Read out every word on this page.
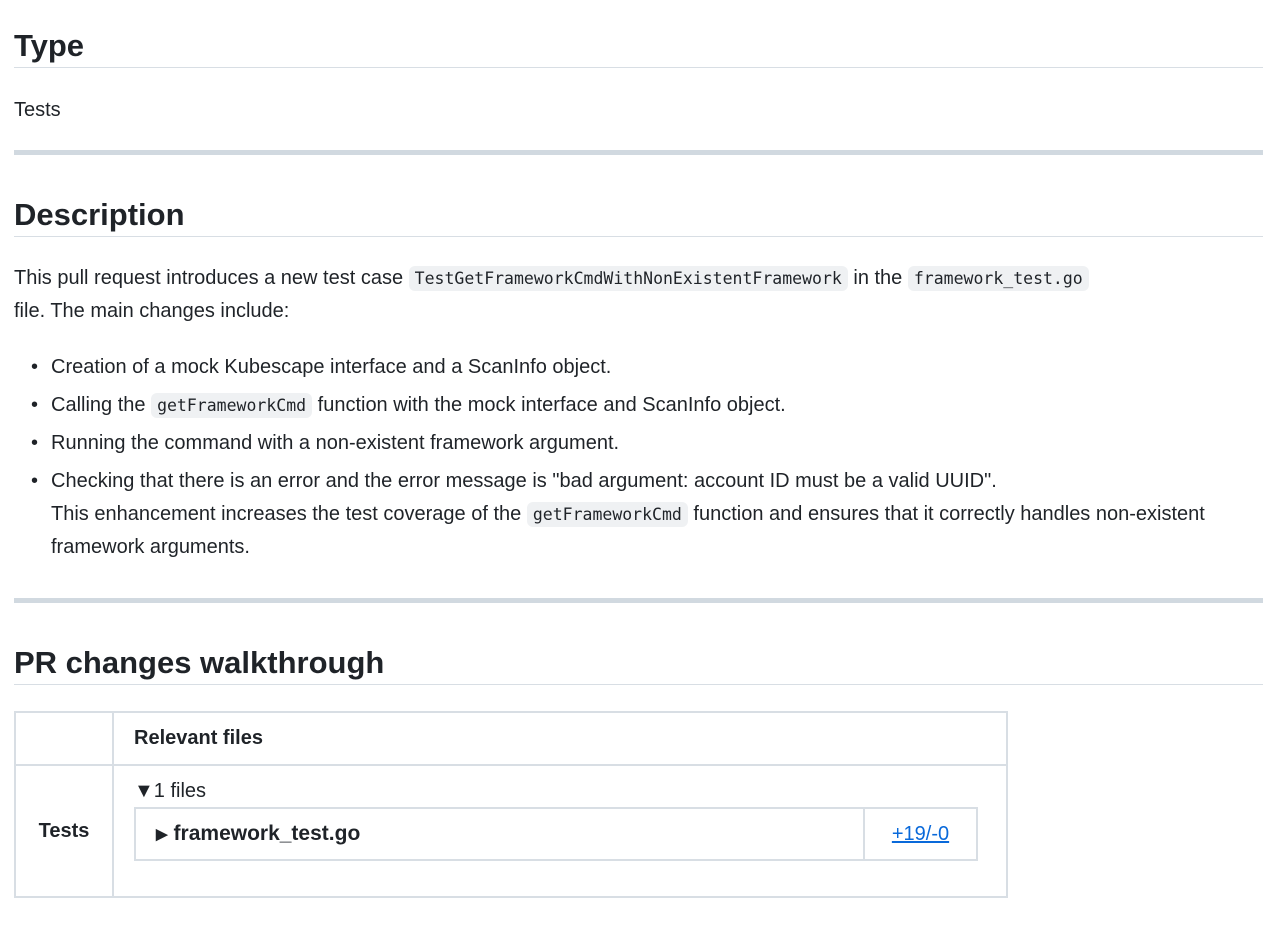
Type

Tests

Description

This pull request introduces a new test case TestGetFrameworkCmdWithNonExistentFramework in the framework_test.go
file. The main changes include:

• Creation of a mock Kubescape interface and a ScanInfo object.
• Calling the getFrameworkCmd function with the mock interface and ScanInfo object.
• Running the command with a non-existent framework argument.
• Checking that there is an error and the error message is "bad argument: account ID must be a valid UUID".
This enhancement increases the test coverage of the getFrameworkCmd function and ensures that it correctly handles non-existent framework arguments.
PR changes walkthrough
	Relevant files
Tests	▼1 files
▶ framework_test.go +19/-0
